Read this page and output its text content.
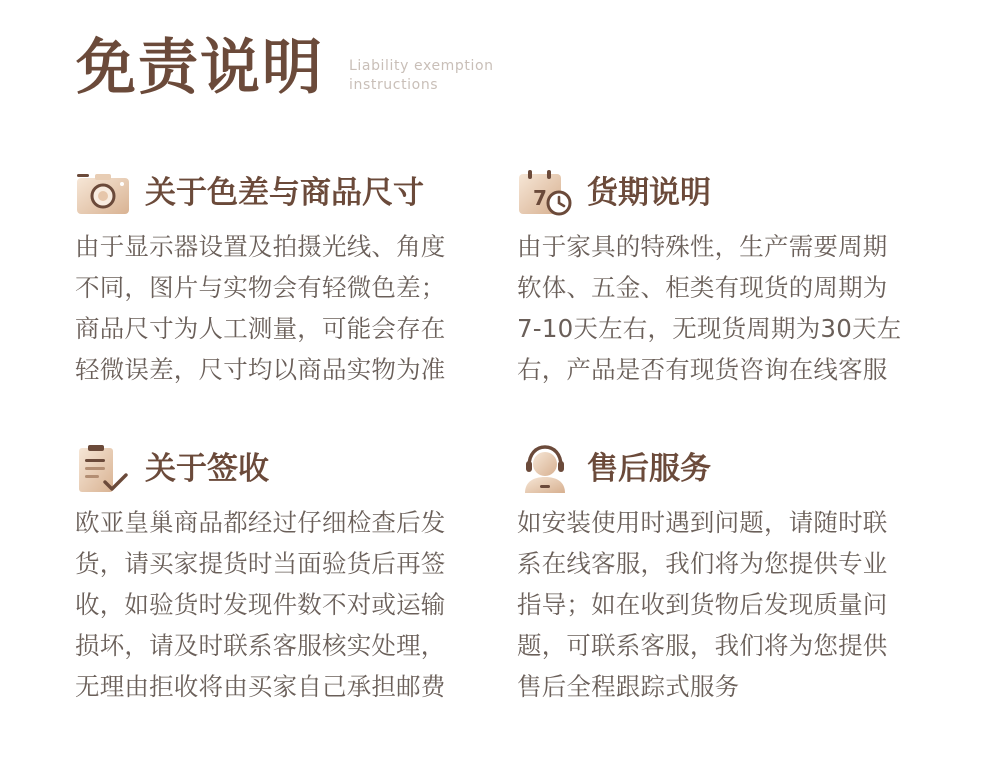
免责说明 Liability exemption
instructions
关于色差与商品尺寸
由于显示器设置及拍摄光线、角度
不同，图片与实物会有轻微色差；
商品尺寸为人工测量，可能会存在
轻微误差，尺寸均以商品实物为准
7 货期说明
由于家具的特殊性，生产需要周期
软体、五金、柜类有现货的周期为
7-10天左右，无现货周期为30天左
右，产品是否有现货咨询在线客服
关于签收
欧亚皇巢商品都经过仔细检查后发
货，请买家提货时当面验货后再签
收，如验货时发现件数不对或运输
损坏，请及时联系客服核实处理，
无理由拒收将由买家自己承担邮费
售后服务
如安装使用时遇到问题，请随时联
系在线客服，我们将为您提供专业
指导；如在收到货物后发现质量问
题，可联系客服，我们将为您提供
售后全程跟踪式服务
